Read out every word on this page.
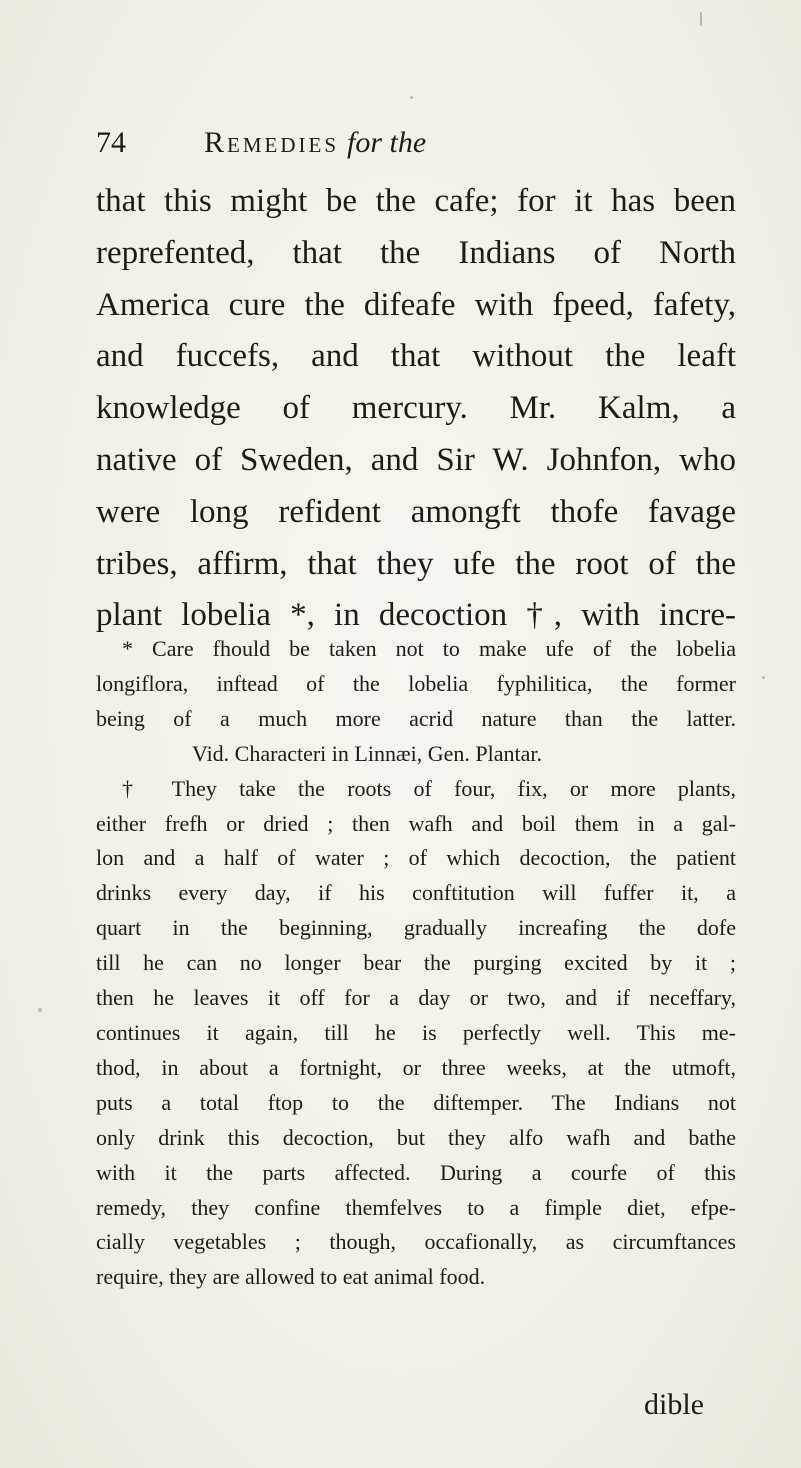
74	Remedies for the
that this might be the cafe; for it has been
reprefented, that the Indians of North
America cure the difeafe with fpeed, fafety,
and fuccefs, and that without the leaft
knowledge of mercury. Mr. Kalm, a
native of Sweden, and Sir W. Johnfon, who
were long refident amongft thofe favage
tribes, affirm, that they ufe the root of the
plant lobelia *, in decoction †, with incre-
* Care fhould be taken not to make ufe of the lobelia
longiflora, inftead of the lobelia fyphilitica, the former
being of a much more acrid nature than the latter.
Vid. Characteri in Linnæi, Gen. Plantar.
† They take the roots of four, fix, or more plants,
either frefh or dried ; then wafh and boil them in a gal-
lon and a half of water ; of which decoction, the patient
drinks every day, if his conftitution will fuffer it, a
quart in the beginning, gradually increafing the dofe
till he can no longer bear the purging excited by it ;
then he leaves it off for a day or two, and if neceffary,
continues it again, till he is perfectly well. This me-
thod, in about a fortnight, or three weeks, at the utmoft,
puts a total ftop to the diftemper. The Indians not
only drink this decoction, but they alfo wafh and bathe
with it the parts affected. During a courfe of this
remedy, they confine themfelves to a fimple diet, efpe-
cially vegetables ; though, occafionally, as circumftances
require, they are allowed to eat animal food.
dible
